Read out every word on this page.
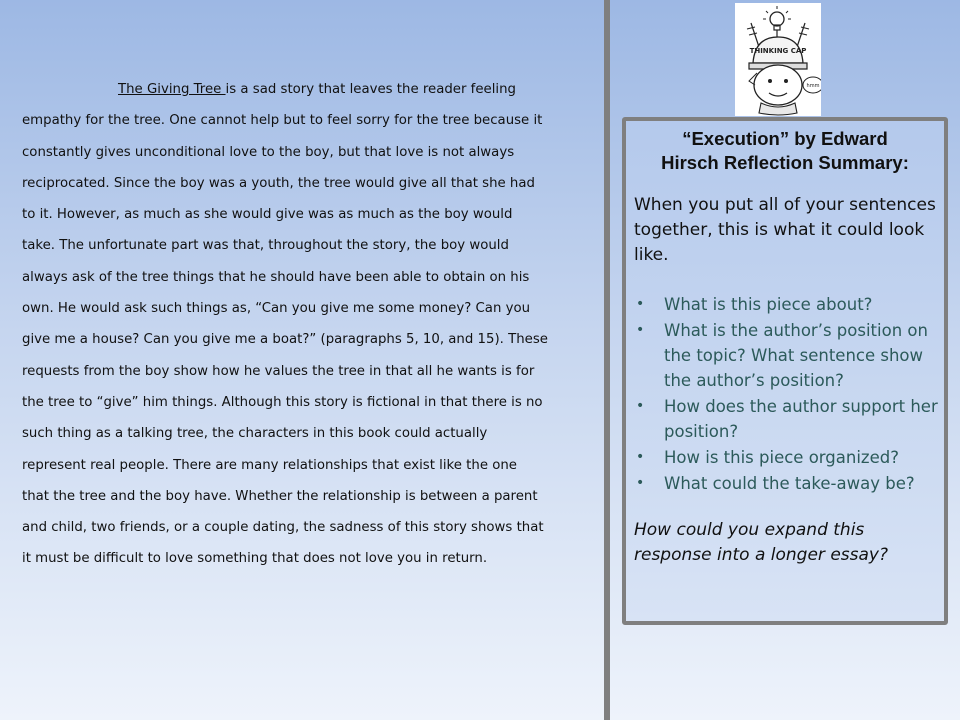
The Giving Tree is a sad story that leaves the reader feeling
empathy for the tree. One cannot help but to feel sorry for the tree because it
constantly gives unconditional love to the boy, but that love is not always
reciprocated. Since the boy was a youth, the tree would give all that she had
to it. However, as much as she would give was as much as the boy would
take. The unfortunate part was that, throughout the story, the boy would
always ask of the tree things that he should have been able to obtain on his
own. He would ask such things as, “Can you give me some money? Can you
give me a house? Can you give me a boat?” (paragraphs 5, 10, and 15). These
requests from the boy show how he values the tree in that all he wants is for
the tree to “give” him things. Although this story is fictional in that there is no
such thing as a talking tree, the characters in this book could actually
represent real people. There are many relationships that exist like the one
that the tree and the boy have. Whether the relationship is between a parent
and child, two friends, or a couple dating, the sadness of this story shows that
it must be difficult to love something that does not love you in return.
THINKING CAP
hmm
“Execution” by Edward
Hirsch Reflection Summary:
When you put all of your sentences together, this is what it could look like.
• What is this piece about?
• What is the author’s position on the topic? What sentence show the author’s position?
• How does the author support her position?
• How is this piece organized?
• What could the take-away be?
How could you expand this response into a longer essay?
